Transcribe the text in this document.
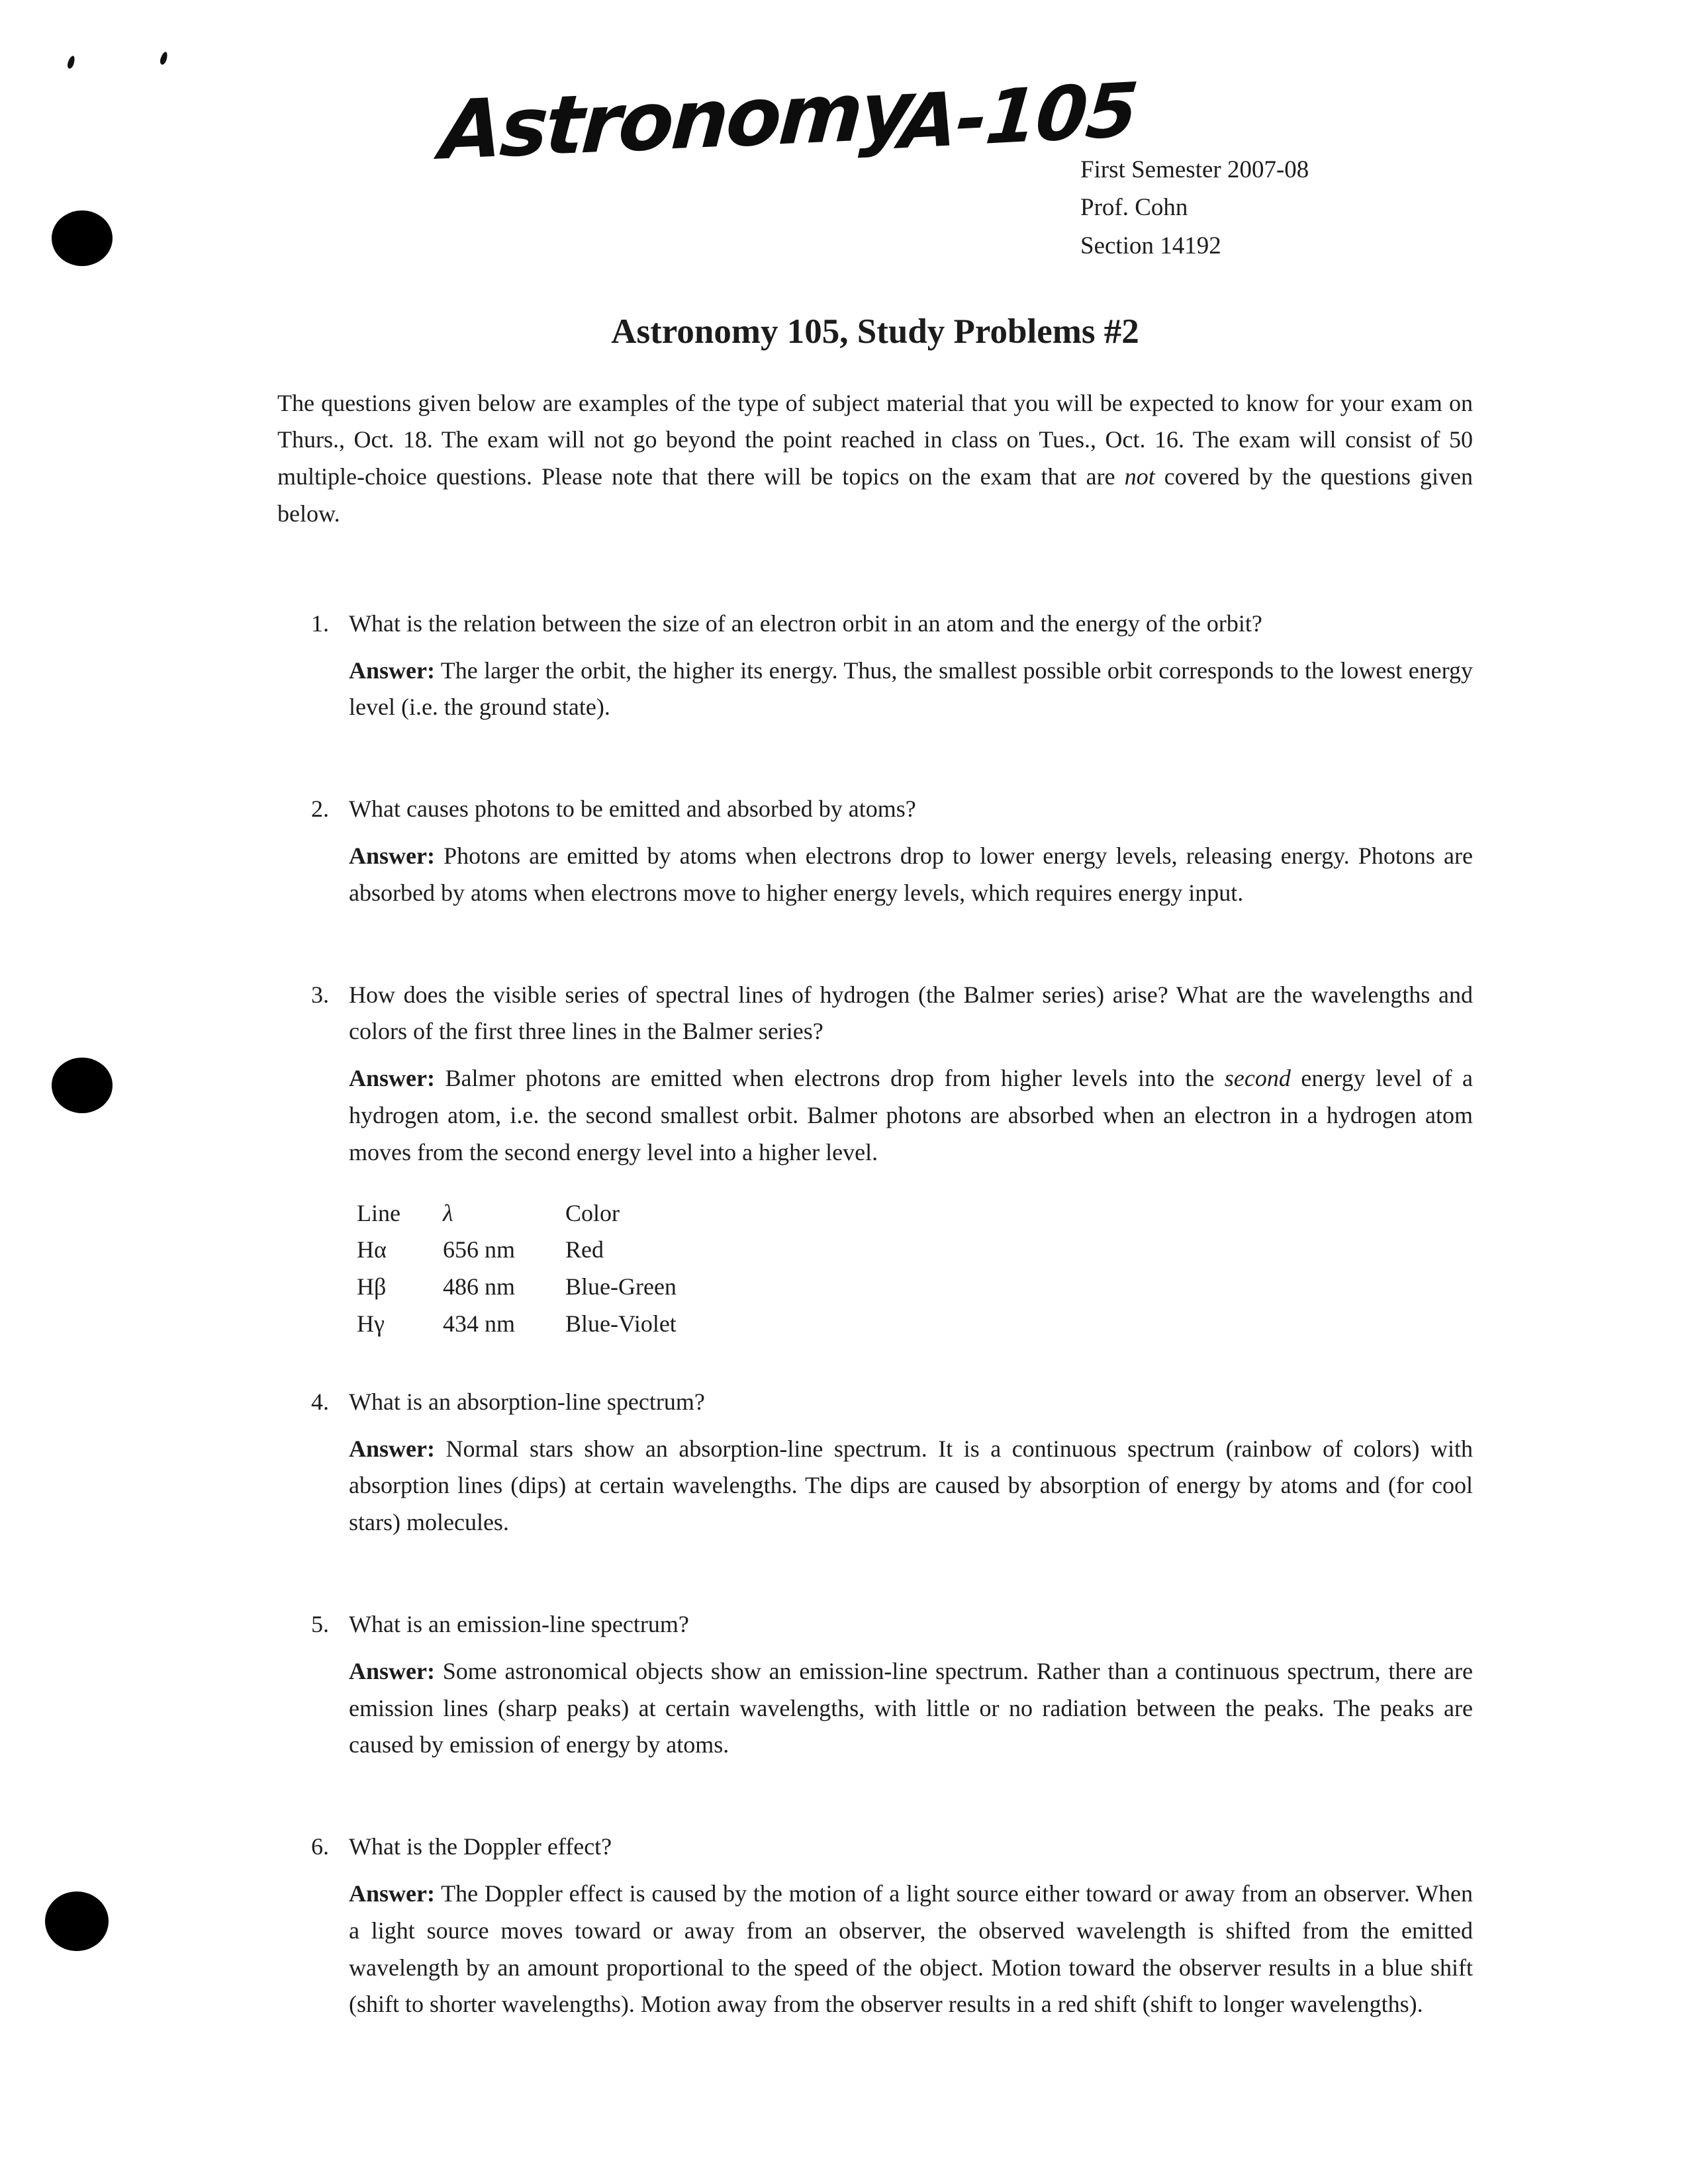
Astronomy
A-105
First Semester 2007-08
Prof. Cohn
Section 14192
Astronomy 105, Study Problems #2

The questions given below are examples of the type of subject material that you will be expected to know for your exam on Thurs., Oct. 18. The exam will not go beyond the point reached in class on Tues., Oct. 16. The exam will consist of 50 multiple-choice questions. Please note that there will be topics on the exam that are not covered by the questions given below.

1. What is the relation between the size of an electron orbit in an atom and the energy of the orbit?

Answer: The larger the orbit, the higher its energy. Thus, the smallest possible orbit corresponds to the lowest energy level (i.e. the ground state).

2. What causes photons to be emitted and absorbed by atoms?

Answer: Photons are emitted by atoms when electrons drop to lower energy levels, releasing energy. Photons are absorbed by atoms when electrons move to higher energy levels, which requires energy input.

3. How does the visible series of spectral lines of hydrogen (the Balmer series) arise? What are the wavelengths and colors of the first three lines in the Balmer series?

Answer: Balmer photons are emitted when electrons drop from higher levels into the second energy level of a hydrogen atom, i.e. the second smallest orbit. Balmer photons are absorbed when an electron in a hydrogen atom moves from the second energy level into a higher level.

Line	λ	Color
Hα	656 nm	Red
Hβ	486 nm	Blue-Green
Hγ	434 nm	Blue-Violet
4. What is an absorption-line spectrum?

Answer: Normal stars show an absorption-line spectrum. It is a continuous spectrum (rainbow of colors) with absorption lines (dips) at certain wavelengths. The dips are caused by absorption of energy by atoms and (for cool stars) molecules.

5. What is an emission-line spectrum?

Answer: Some astronomical objects show an emission-line spectrum. Rather than a continuous spectrum, there are emission lines (sharp peaks) at certain wavelengths, with little or no radiation between the peaks. The peaks are caused by emission of energy by atoms.

6. What is the Doppler effect?

Answer: The Doppler effect is caused by the motion of a light source either toward or away from an observer. When a light source moves toward or away from an observer, the observed wavelength is shifted from the emitted wavelength by an amount proportional to the speed of the object. Motion toward the observer results in a blue shift (shift to shorter wavelengths). Motion away from the observer results in a red shift (shift to longer wavelengths).
